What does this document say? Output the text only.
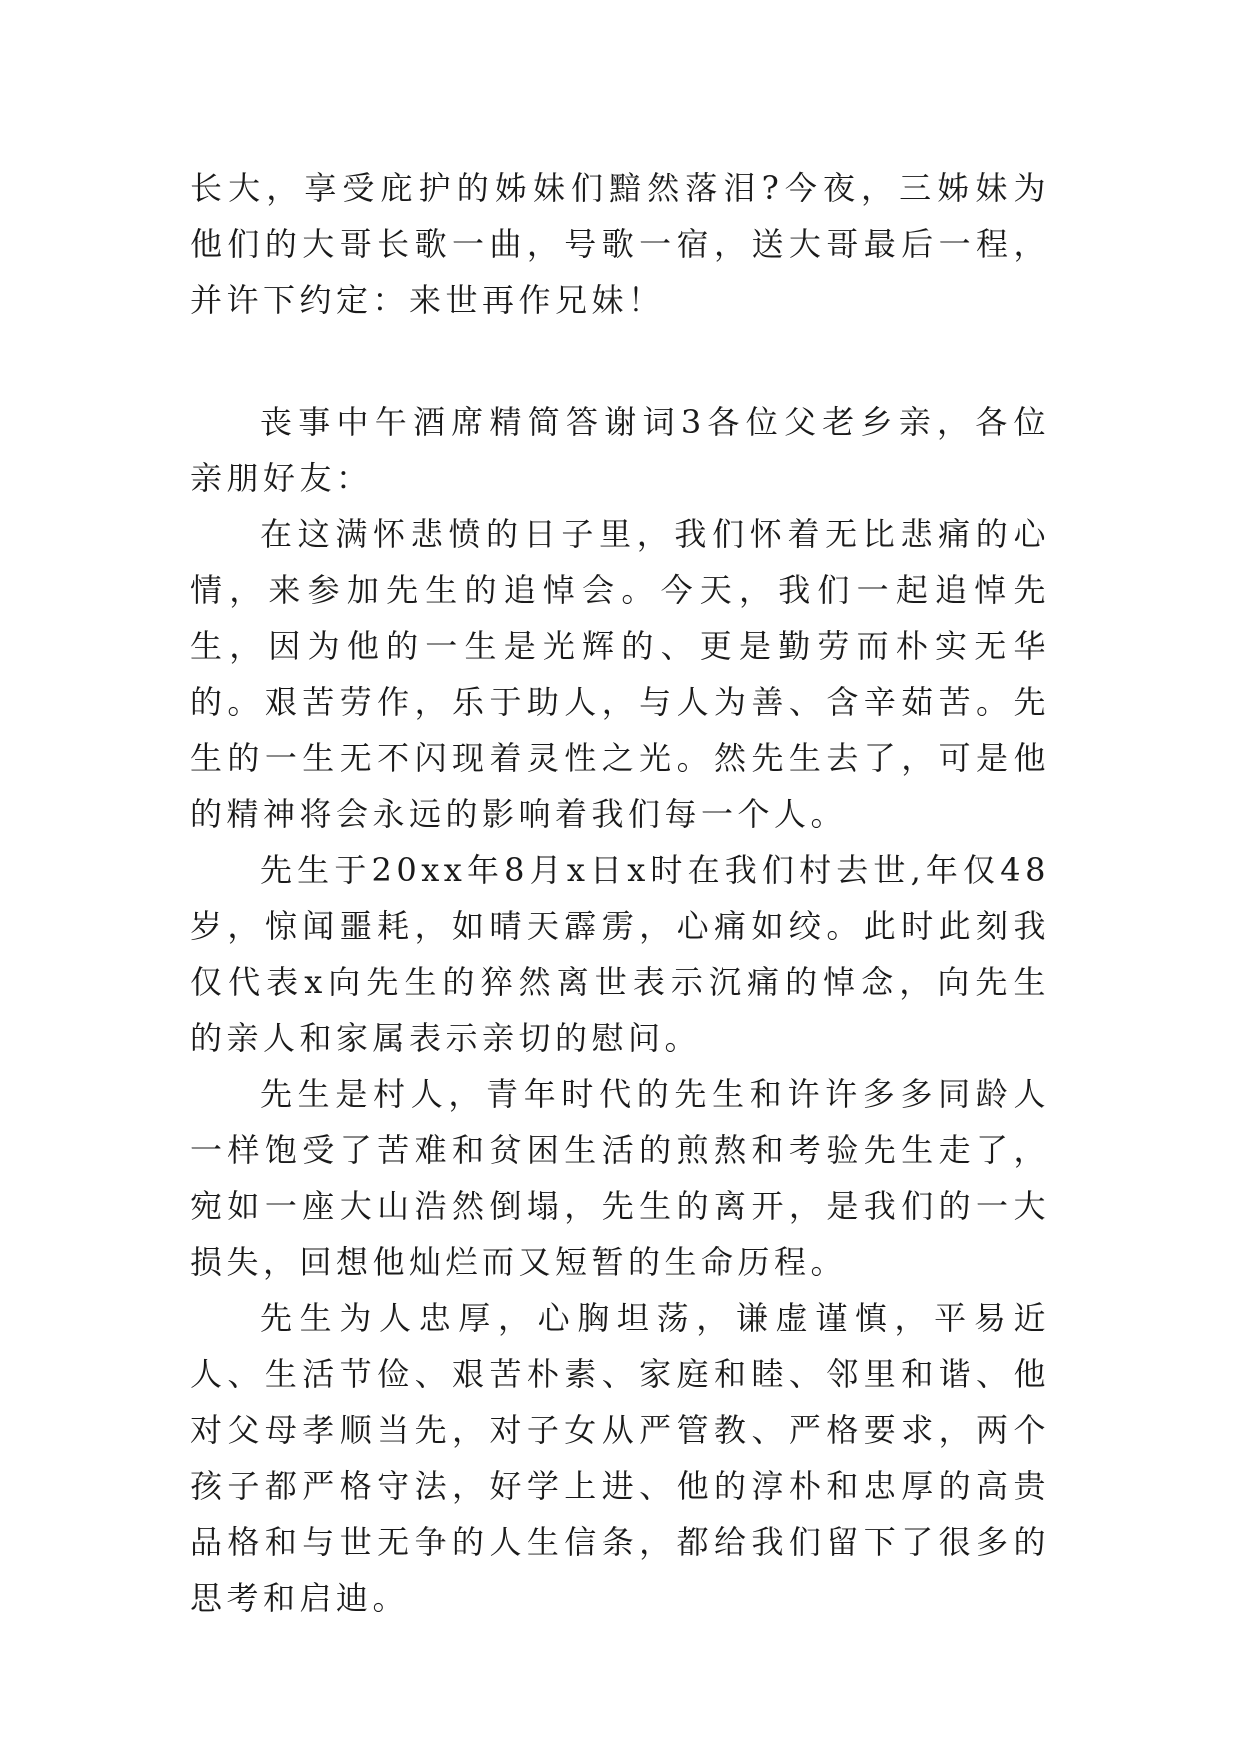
长大，享受庇护的姊妹们黯然落泪?今夜，三姊妹为他们的大哥长歌一曲，号歌一宿，送大哥最后一程，并许下约定：来世再作兄妹！

丧事中午酒席精简答谢词3各位父老乡亲，各位亲朋好友：

在这满怀悲愤的日子里，我们怀着无比悲痛的心情，来参加先生的追悼会。今天，我们一起追悼先生，因为他的一生是光辉的、更是勤劳而朴实无华的。艰苦劳作，乐于助人，与人为善、含辛茹苦。先生的一生无不闪现着灵性之光。然先生去了，可是他的精神将会永远的影响着我们每一个人。

先生于20xx年8月x日x时在我们村去世,年仅48岁，惊闻噩耗，如晴天霹雳，心痛如绞。此时此刻我仅代表x向先生的猝然离世表示沉痛的悼念，向先生的亲人和家属表示亲切的慰问。

先生是村人，青年时代的先生和许许多多同龄人一样饱受了苦难和贫困生活的煎熬和考验先生走了，宛如一座大山浩然倒塌，先生的离开，是我们的一大损失，回想他灿烂而又短暂的生命历程。

先生为人忠厚，心胸坦荡，谦虚谨慎，平易近人、生活节俭、艰苦朴素、家庭和睦、邻里和谐、他对父母孝顺当先，对子女从严管教、严格要求，两个孩子都严格守法，好学上进、他的淳朴和忠厚的高贵品格和与世无争的人生信条，都给我们留下了很多的思考和启迪。
